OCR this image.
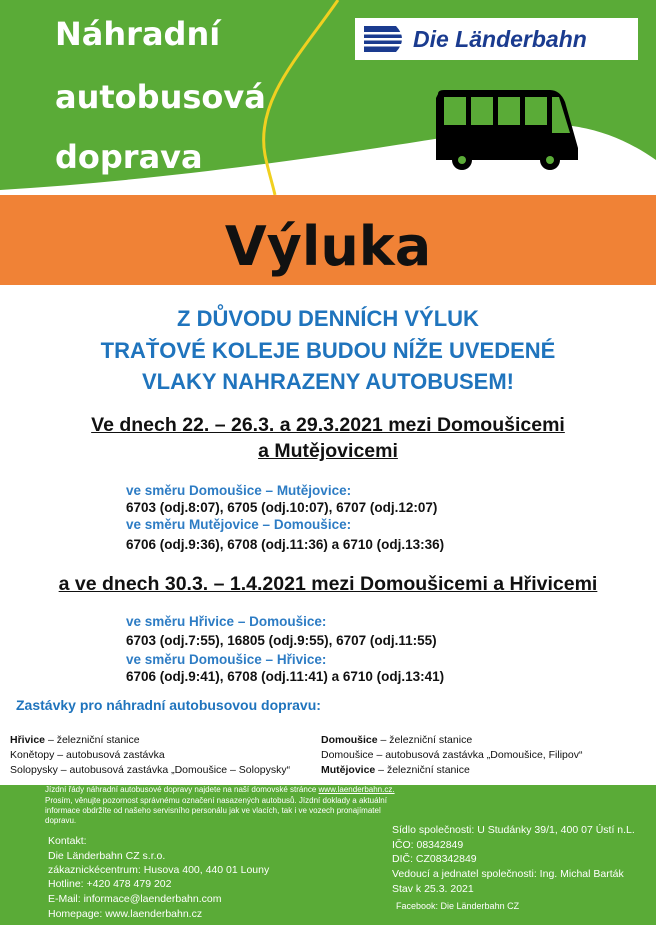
Náhradní
autobusová
doprava
Die Länderbahn
Výluka
Z DŮVODU DENNÍCH VÝLUK
TRAŤOVÉ KOLEJE BUDOU NÍŽE UVEDENÉ
VLAKY NAHRAZENY AUTOBUSEM!
Ve dnech 22. – 26.3. a 29.3.2021 mezi Domoušicemi
a Mutějovicemi
ve směru Domoušice – Mutějovice:
6703 (odj.8:07), 6705 (odj.10:07), 6707 (odj.12:07)
ve směru Mutějovice – Domoušice:
6706 (odj.9:36), 6708 (odj.11:36) a 6710 (odj.13:36)
a ve dnech 30.3. – 1.4.2021 mezi Domoušicemi a Hřivicemi
ve směru Hřivice – Domoušice:
6703 (odj.7:55), 16805 (odj.9:55), 6707 (odj.11:55)
ve směru Domoušice – Hřivice:
6706 (odj.9:41), 6708 (odj.11:41) a 6710 (odj.13:41)
Zastávky pro náhradní autobusovou dopravu:
Hřivice – železniční stanice
Konětopy – autobusová zastávka
Solopysky – autobusová zastávka „Domoušice – Solopysky“
Domoušice – železniční stanice
Domoušice – autobusová zastávka „Domoušice, Filipov“
Mutějovice – železniční stanice
Jízdní řády náhradní autobusové dopravy najdete na naší domovské stránce www.laenderbahn.cz.
Prosím, věnujte pozornost správnému označení nasazených autobusů. Jízdní doklady a aktuální
informace obdržíte od našeho servisního personálu jak ve vlacích, tak i ve vozech pronajímatel
dopravu.
Kontakt:
Die Länderbahn CZ s.r.o.
zákaznickécentrum: Husova 400, 440 01 Louny
Hotline: +420 478 479 202
E-Mail: informace@laenderbahn.com
Homepage: www.laenderbahn.cz
Sídlo společnosti: U Studánky 39/1, 400 07 Ústí n.L.
IČO: 08342849
DIČ: CZ08342849
Vedoucí a jednatel společnosti: Ing. Michal Barták
Stav k 25.3. 2021
Facebook: Die Länderbahn CZ
